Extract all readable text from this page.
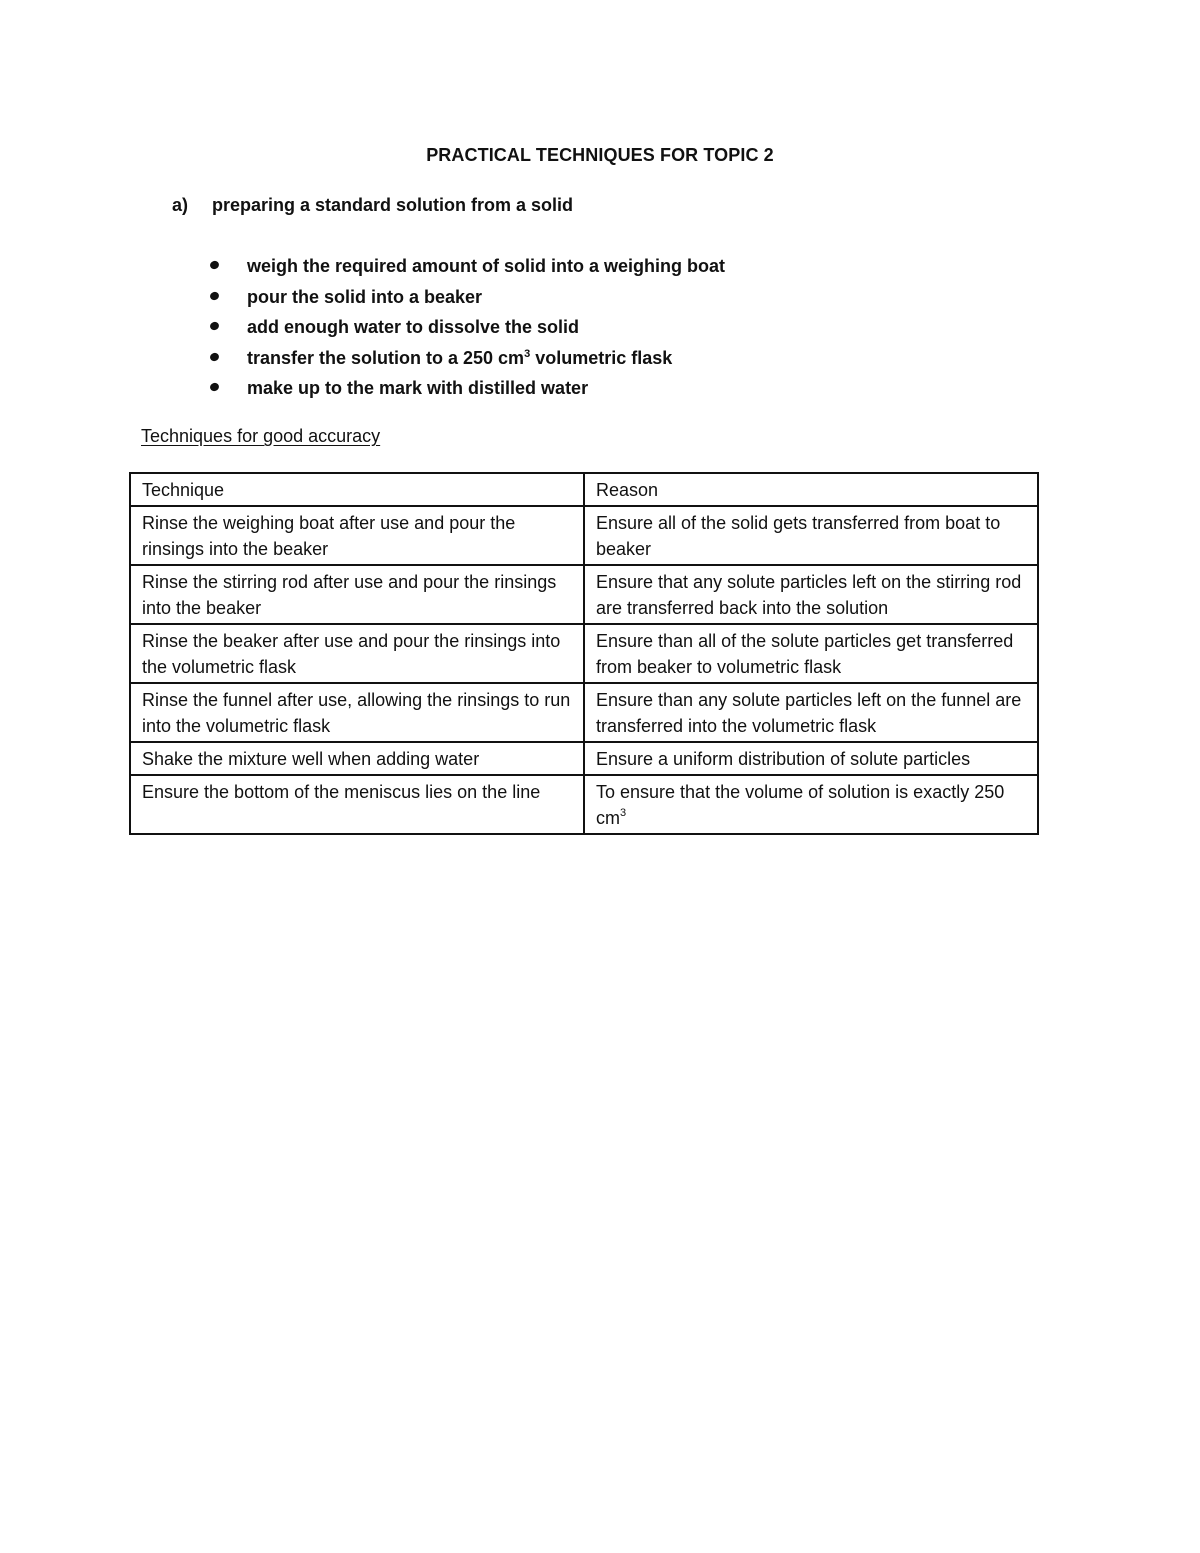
PRACTICAL TECHNIQUES FOR TOPIC 2
a)	preparing a standard solution from a solid
weigh the required amount of solid into a weighing boat
pour the solid into a beaker
add enough water to dissolve the solid
transfer the solution to a 250 $cm^3$ volumetric flask
make up to the mark with distilled water
Techniques for good accuracy
Technique	Reason
Rinse the weighing boat after use and pour the rinsings into the beaker	Ensure all of the solid gets transferred from boat to beaker
Rinse the stirring rod after use and pour the rinsings into the beaker	Ensure that any solute particles left on the stirring rod are transferred back into the solution
Rinse the beaker after use and pour the rinsings into the volumetric flask	Ensure than all of the solute particles get transferred from beaker to volumetric flask
Rinse the funnel after use, allowing the rinsings to run into the volumetric flask	Ensure than any solute particles left on the funnel are transferred into the volumetric flask
Shake the mixture well when adding water	Ensure a uniform distribution of solute particles
Ensure the bottom of the meniscus lies on the line	To ensure that the volume of solution is exactly 250 $cm^3$
